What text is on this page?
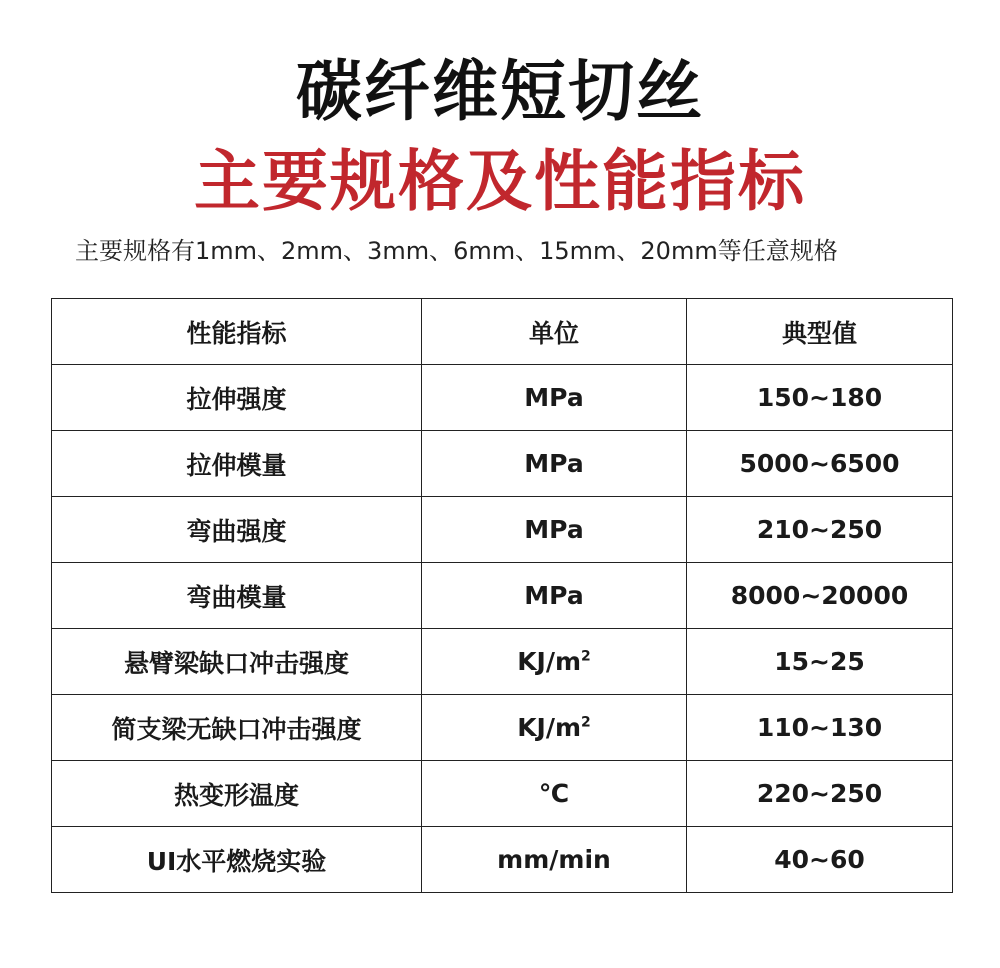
碳纤维短切丝
主要规格及性能指标
主要规格有1mm、2mm、3mm、6mm、15mm、20mm等任意规格
性能指标	单位	典型值
拉伸强度	MPa	150~180
拉伸模量	MPa	5000~6500
弯曲强度	MPa	210~250
弯曲模量	MPa	8000~20000
悬臂梁缺口冲击强度	$KJ/m^2$	15~25
简支梁无缺口冲击强度	$KJ/m^2$	110~130
热变形温度	℃	220~250
UI水平燃烧实验	mm/min	40~60
